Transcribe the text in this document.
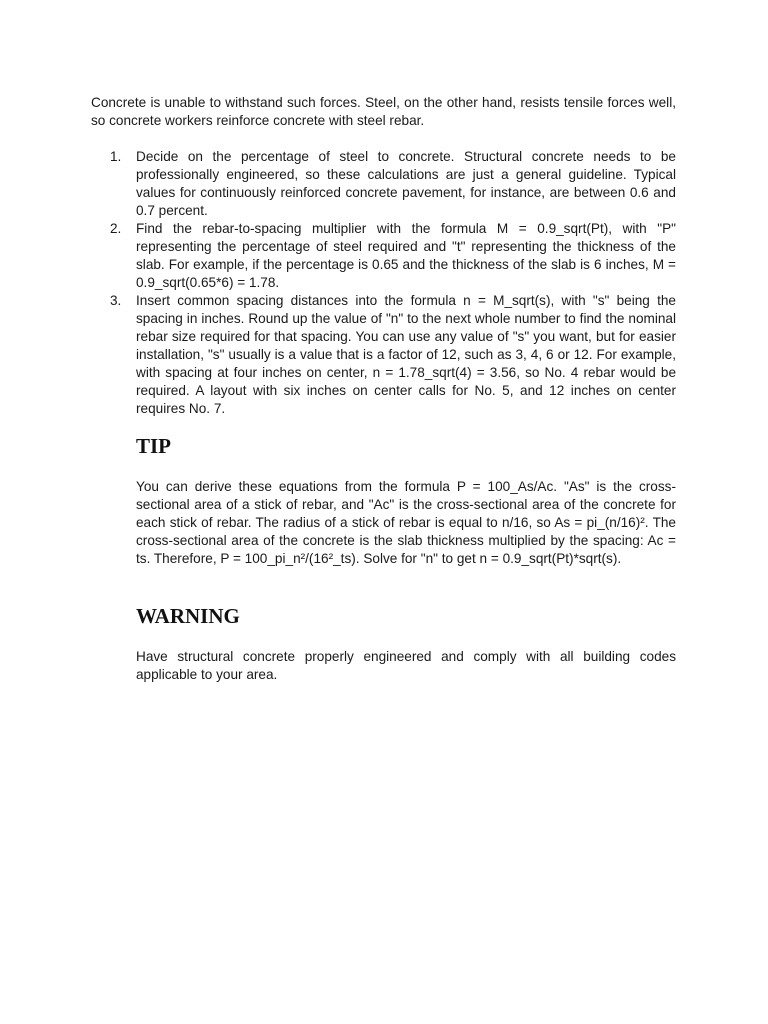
Concrete is unable to withstand such forces. Steel, on the other hand, resists tensile forces well, so concrete workers reinforce concrete with steel rebar.

1.	Decide on the percentage of steel to concrete. Structural concrete needs to be professionally engineered, so these calculations are just a general guideline. Typical values for continuously reinforced concrete pavement, for instance, are between 0.6 and 0.7 percent.
2.	Find the rebar-to-spacing multiplier with the formula M = 0.9_sqrt(Pt), with "P" representing the percentage of steel required and "t" representing the thickness of the slab. For example, if the percentage is 0.65 and the thickness of the slab is 6 inches, M = 0.9_sqrt(0.65*6) = 1.78.
3.	Insert common spacing distances into the formula n = M_sqrt(s), with "s" being the spacing in inches. Round up the value of "n" to the next whole number to find the nominal rebar size required for that spacing. You can use any value of "s" you want, but for easier installation, "s" usually is a value that is a factor of 12, such as 3, 4, 6 or 12. For example, with spacing at four inches on center, n = 1.78_sqrt(4) = 3.56, so No. 4 rebar would be required. A layout with six inches on center calls for No. 5, and 12 inches on center requires No. 7.
TIP

You can derive these equations from the formula P = 100_As/Ac. "As" is the cross-sectional area of a stick of rebar, and "Ac" is the cross-sectional area of the concrete for each stick of rebar. The radius of a stick of rebar is equal to n/16, so As = pi_(n/16)². The cross-sectional area of the concrete is the slab thickness multiplied by the spacing: Ac = ts. Therefore, P = 100_pi_n²/(16²_ts). Solve for "n" to get n = 0.9_sqrt(Pt)*sqrt(s).

WARNING

Have structural concrete properly engineered and comply with all building codes applicable to your area.
